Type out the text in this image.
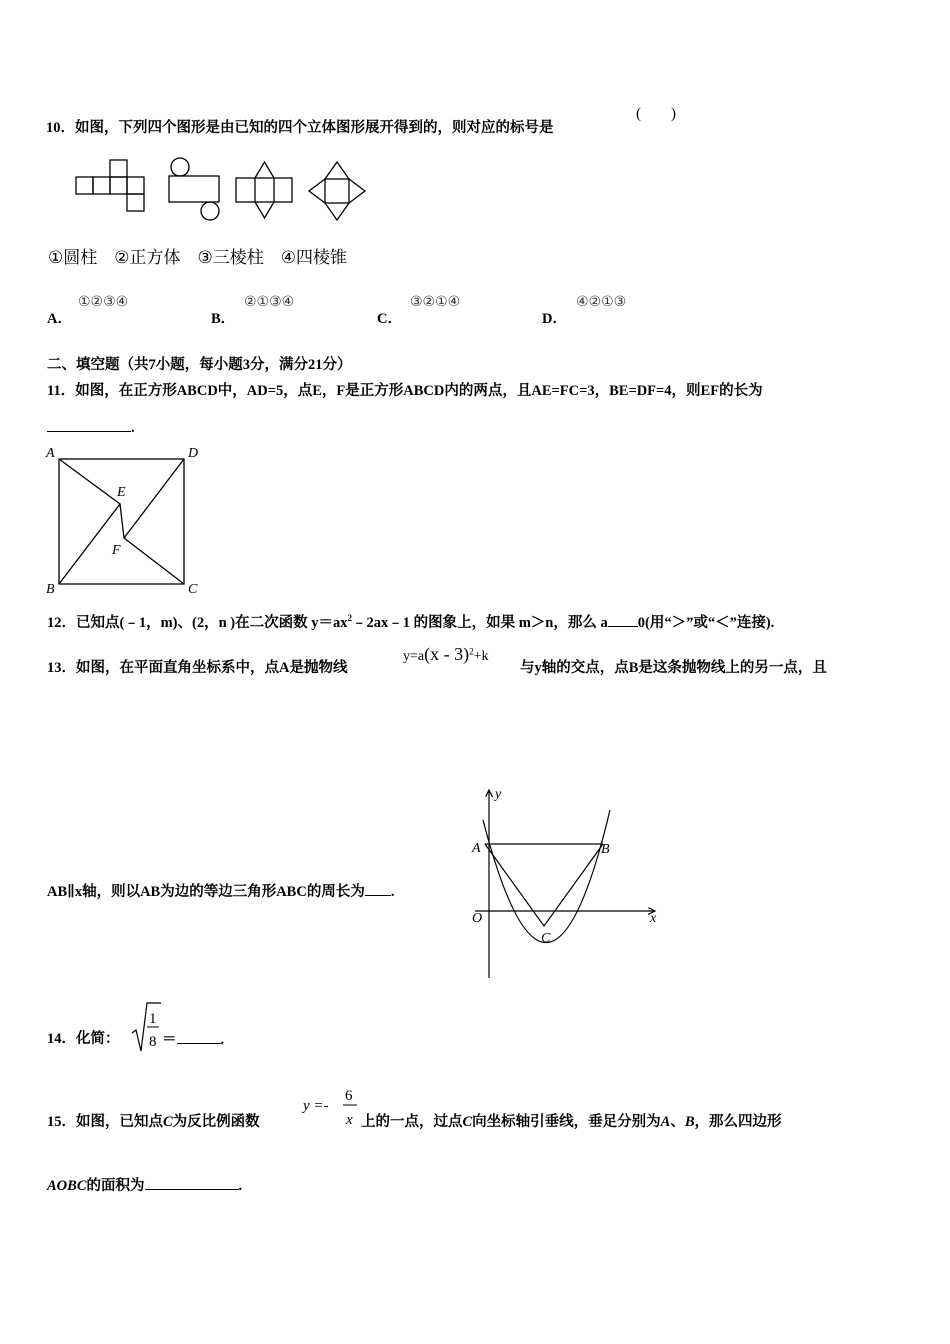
10．如图，下列四个图形是由已知的四个立体图形展开得到的，则对应的标号是
(　　)
①圆柱　②正方体　③三棱柱　④四棱锥
A．
①②③④
B．
②①③④
C．
③②①④
D．
④②①③
二、填空题（共7小题，每小题3分，满分21分）
11．如图，在正方形ABCD中，AD=5，点E，F是正方形ABCD内的两点，且AE=FC=3，BE=DF=4，则EF的长为
.
A	D
B	C
E
F
12．已知点(﹣1，m)、(2，n )在二次函数 $y=ax^2﹣2ax﹣1$ 的图象上，如果 m＞n，那么 a 0(用“＞”或“＜”连接).
13．如图，在平面直角坐标系中，点A是抛物线
y=a(x - 3)$^2$+k
与y轴的交点，点B是这条抛物线上的另一点，且
AB∥x轴，则以AB为边的等边三角形ABC的周长为 .
y
x
O
A	B
C
14．化简：
1
8 ＝	.
15．如图，已知点C为反比例函数
y =-
6
x 上的一点，过点C向坐标轴引垂线，垂足分别为A、B，那么四边形
AOBC的面积为	.
